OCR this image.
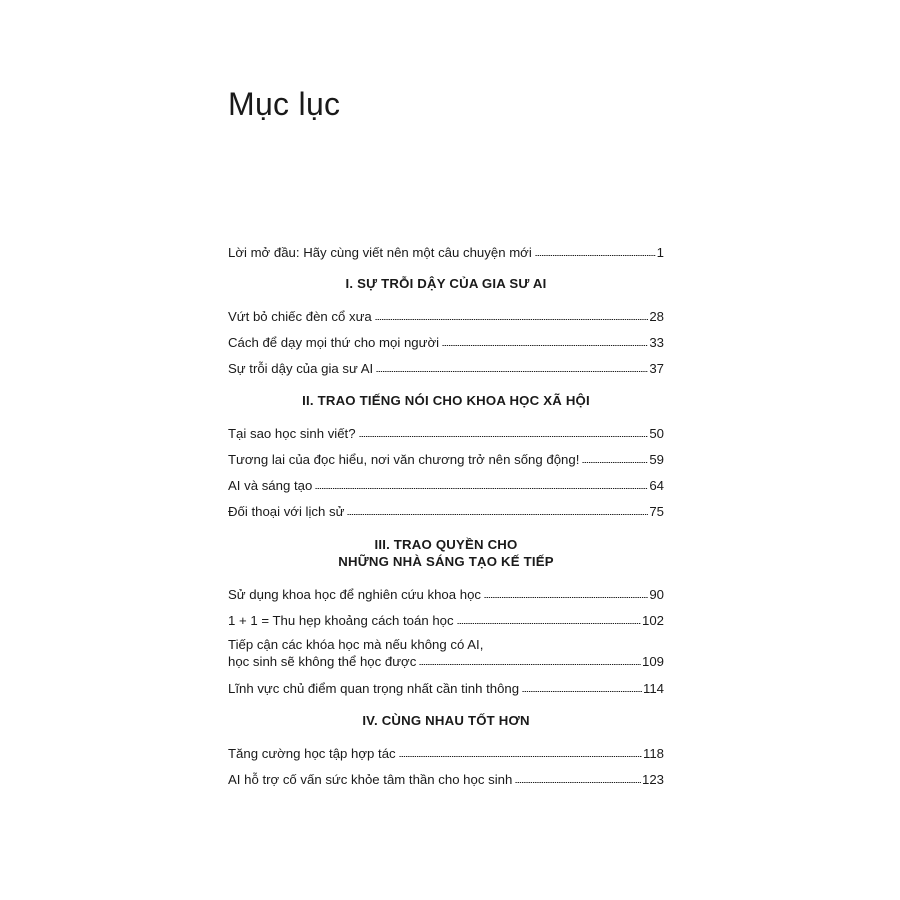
Mục lục
Lời mở đầu: Hãy cùng viết nên một câu chuyện mới	1
I. SỰ TRỖI DẬY CỦA GIA SƯ AI
Vứt bỏ chiếc đèn cổ xưa	28
Cách để dạy mọi thứ cho mọi người	33
Sự trỗi dậy của gia sư AI	37
II. TRAO TIẾNG NÓI CHO KHOA HỌC XÃ HỘI
Tại sao học sinh viết?	50
Tương lai của đọc hiểu, nơi văn chương trở nên sống động!	59
AI và sáng tạo	64
Đối thoại với lịch sử	75
III. TRAO QUYỀN CHO
NHỮNG NHÀ SÁNG TẠO KẾ TIẾP
Sử dụng khoa học để nghiên cứu khoa học	90
1 + 1 = Thu hẹp khoảng cách toán học	102
Tiếp cận các khóa học mà nếu không có AI,
học sinh sẽ không thể học được	109
Lĩnh vực chủ điểm quan trọng nhất cần tinh thông	114
IV. CÙNG NHAU TỐT HƠN
Tăng cường học tập hợp tác	118
AI hỗ trợ cố vấn sức khỏe tâm thần cho học sinh	123
